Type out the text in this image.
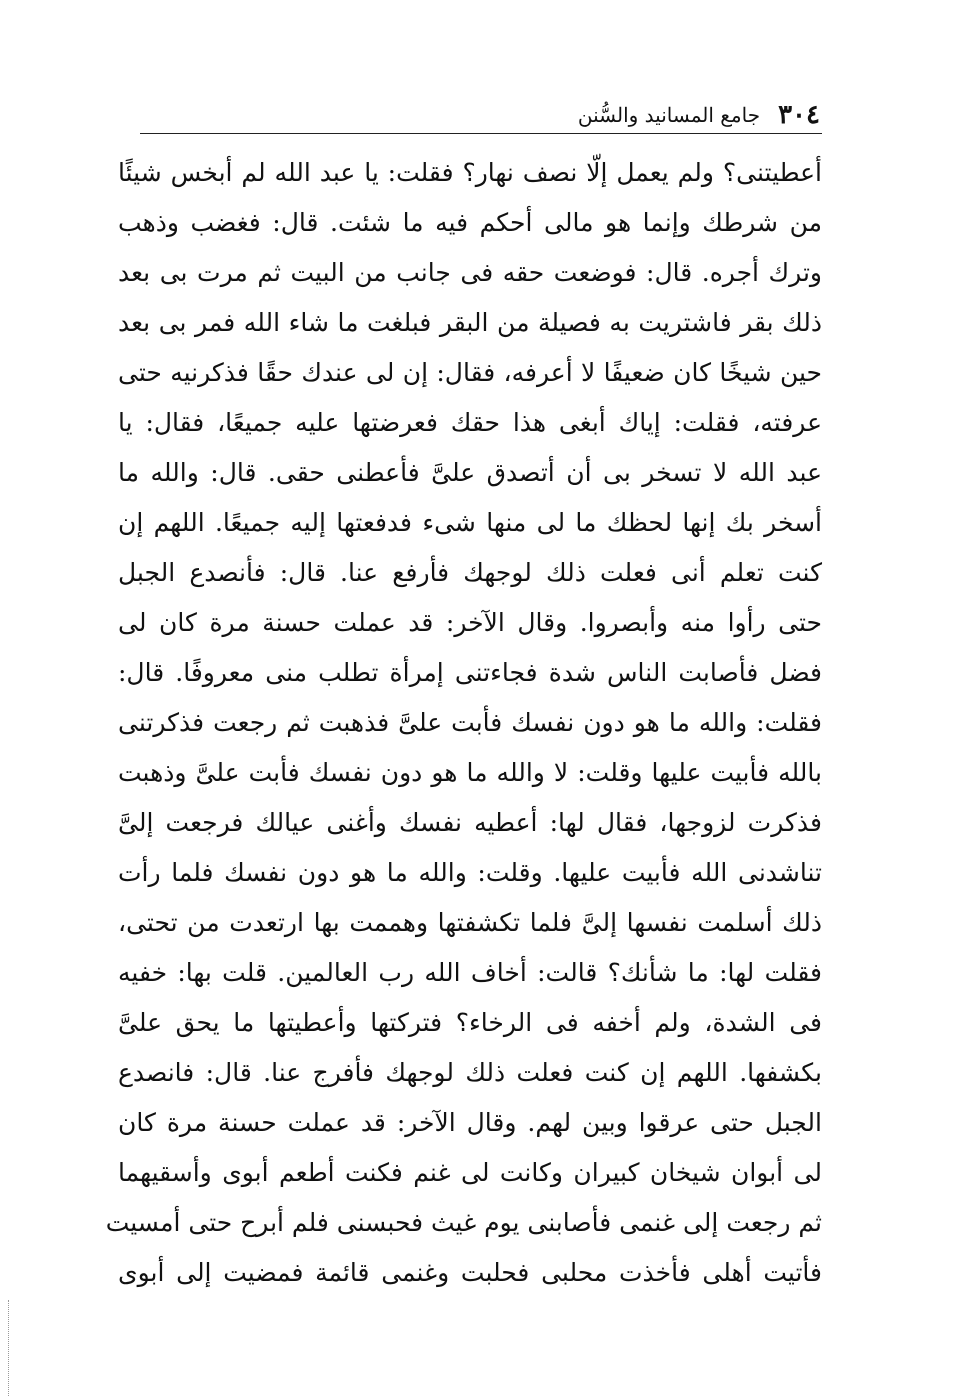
٣٠٤
جامع المسانيد والسُّنن
أعطيتنى؟ ولم يعمل إلّا نصف نهار؟ فقلت: يا عبد الله لم أبخس شيئًا
من شرطك وإنما هو مالى أحكم فيه ما شئت. قال: فغضب وذهب
وترك أجره. قال: فوضعت حقه فى جانب من البيت ثم مرت بى بعد
ذلك بقر فاشتريت به فصيلة من البقر فبلغت ما شاء الله فمر بى بعد
حين شيخًا كان ضعيفًا لا أعرفه، فقال: إن لى عندك حقًا فذكرنيه حتى
عرفته، فقلت: إياك أبغى هذا حقك فعرضتها عليه جميعًا، فقال: يا
عبد الله لا تسخر بى أن أتصدق علىَّ فأعطنى حقى. قال: والله ما
أسخر بك إنها لحظك ما لى منها شىء فدفعتها إليه جميعًا. اللهم إن
كنت تعلم أنى فعلت ذلك لوجهك فأرفع عنا. قال: فأنصدع الجبل
حتى رأوا منه وأبصروا. وقال الآخر: قد عملت حسنة مرة كان لى
فضل فأصابت الناس شدة فجاءتنى إمرأة تطلب منى معروفًا. قال:
فقلت: والله ما هو دون نفسك فأبت علىَّ فذهبت ثم رجعت فذكرتنى
بالله فأبيت عليها وقلت: لا والله ما هو دون نفسك فأبت علىَّ وذهبت
فذكرت لزوجها، فقال لها: أعطيه نفسك وأغنى عيالك فرجعت إلىَّ
تناشدنى الله فأبيت عليها. وقلت: والله ما هو دون نفسك فلما رأت
ذلك أسلمت نفسها إلىَّ فلما تكشفتها وهممت بها ارتعدت من تحتى،
فقلت لها: ما شأنك؟ قالت: أخاف الله رب العالمين. قلت بها: خفيه
فى الشدة، ولم أخفه فى الرخاء؟ فتركتها وأعطيتها ما يحق علىَّ
بكشفها. اللهم إن كنت فعلت ذلك لوجهك فأفرج عنا. قال: فانصدع
الجبل حتى عرقوا وبين لهم. وقال الآخر: قد عملت حسنة مرة كان
لى أبوان شيخان كبيران وكانت لى غنم فكنت أطعم أبوى وأسقيهما
ثم رجعت إلى غنمى فأصابنى يوم غيث فحبسنى فلم أبرح حتى أمسيت
فأتيت أهلى فأخذت محلبى فحلبت وغنمى قائمة فمضيت إلى أبوى
